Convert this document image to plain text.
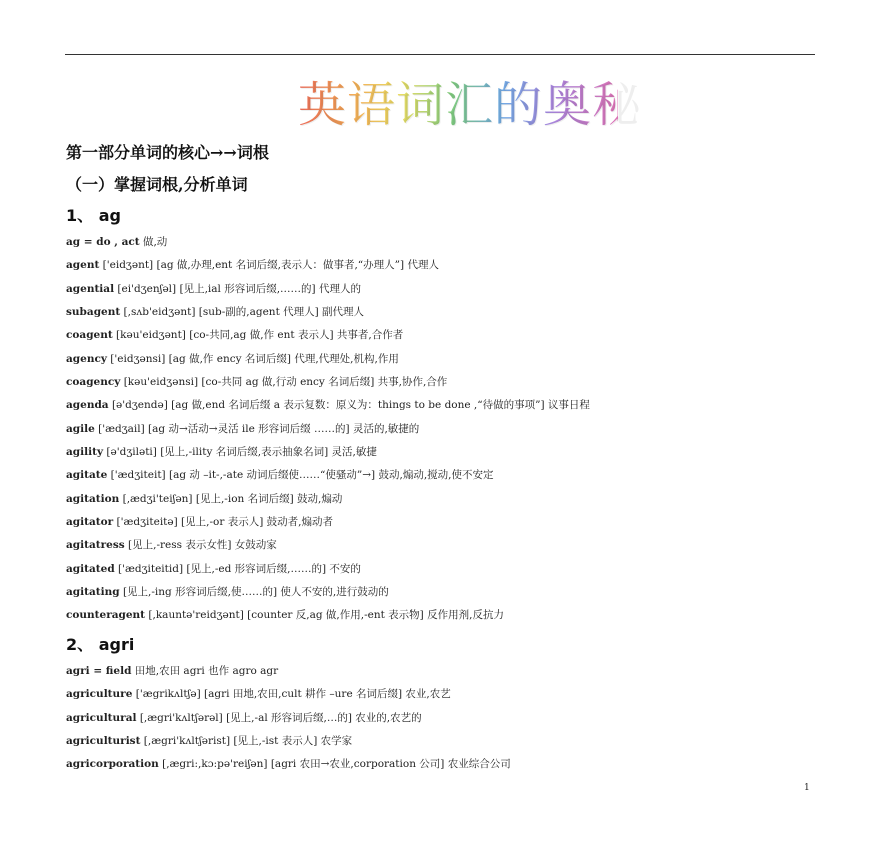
英语词汇的奥秘
第一部分单词的核心→→词根
（一）掌握词根,分析单词
1、 ag
ag = do , act 做,动
agent ['eidʒənt] [ag 做,办理,ent 名词后缀,表示人：做事者,“办理人”] 代理人
agential [ei'dʒenʃəl] [见上,ial 形容词后缀,……的] 代理人的
subagent [,sʌb'eidʒənt] [sub-副的,agent 代理人] 副代理人
coagent [kəu'eidʒənt] [co-共同,ag 做,作 ent 表示人] 共事者,合作者
agency ['eidʒənsi] [ag 做,作 ency 名词后缀] 代理,代理处,机构,作用
coagency [kəu'eidʒənsi] [co-共同 ag 做,行动 ency 名词后缀] 共事,协作,合作
agenda [ə'dʒendə] [ag 做,end 名词后缀 a 表示复数：原义为：things to be done ,“待做的事项”] 议事日程
agile ['ædʒail] [ag 动→活动→灵活 ile 形容词后缀 ……的] 灵活的,敏捷的
agility [ə'dʒiləti] [见上,-ility 名词后缀,表示抽象名词] 灵活,敏捷
agitate ['ædʒiteit] [ag 动 –it-,-ate 动词后缀使……“使骚动”→] 鼓动,煽动,搅动,使不安定
agitation [,ædʒi'teiʃən] [见上,-ion 名词后缀] 鼓动,煽动
agitator ['ædʒiteitə] [见上,-or 表示人] 鼓动者,煽动者
agitatress [见上,-ress 表示女性] 女鼓动家
agitated ['ædʒiteitid] [见上,-ed 形容词后缀,……的] 不安的
agitating [见上,-ing 形容词后缀,使……的] 使人不安的,进行鼓动的
counteragent [,kauntə'reidʒənt] [counter 反,ag 做,作用,-ent 表示物] 反作用剂,反抗力
2、 agri
agri = field 田地,农田 agri 也作 agro agr
agriculture ['ægrikʌltʃə] [agri 田地,农田,cult 耕作 –ure 名词后缀] 农业,农艺
agricultural [,ægri'kʌltʃərəl] [见上,-al 形容词后缀,…的] 农业的,农艺的
agriculturist [,ægri'kʌltʃərist] [见上,-ist 表示人] 农学家
agricorporation [,ægri:,kɔ:pə'reiʃən] [agri 农田→农业,corporation 公司] 农业综合公司
1
